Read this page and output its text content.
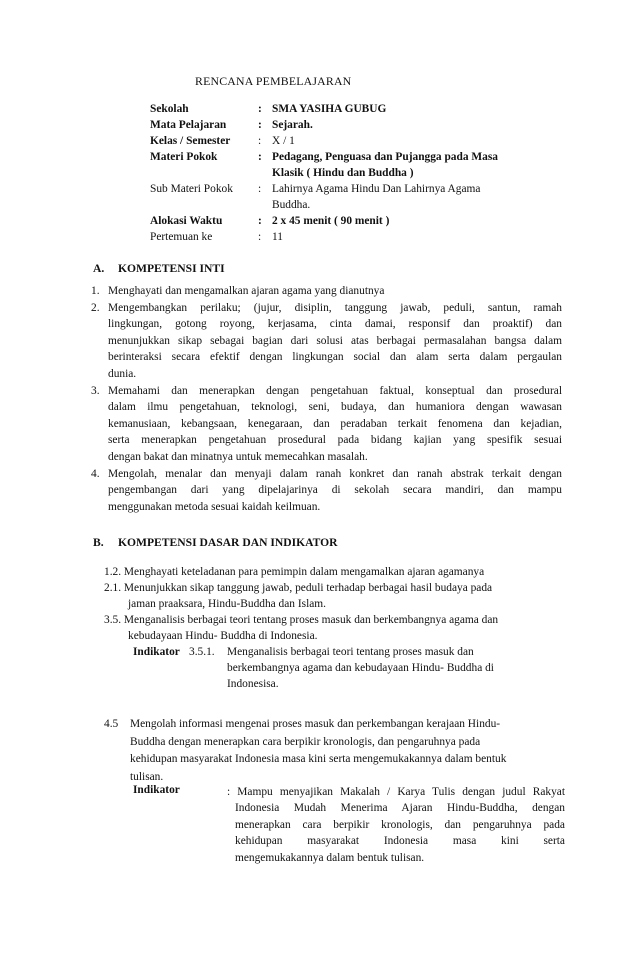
RENCANA PEMBELAJARAN
Sekolah	: SMA YASIHA GUBUG
Mata Pelajaran	: Sejarah.
Kelas / Semester	: X / 1
Materi Pokok	: Pedagang, Penguasa dan Pujangga pada Masa
Klasik ( Hindu dan Buddha )
Sub Materi Pokok	: Lahirnya Agama Hindu Dan Lahirnya Agama
Buddha.
Alokasi Waktu	: 2 x 45 menit ( 90 menit )
Pertemuan ke	: 11
A. KOMPETENSI INTI
1. Menghayati dan mengamalkan ajaran agama yang dianutnya
2. Mengembangkan perilaku; (jujur, disiplin, tanggung jawab, peduli, santun, ramah
lingkungan, gotong royong, kerjasama, cinta damai, responsif dan proaktif) dan
menunjukkan sikap sebagai bagian dari solusi atas berbagai permasalahan bangsa dalam
berinteraksi secara efektif dengan lingkungan social dan alam serta dalam pergaulan
dunia.
3. Memahami dan menerapkan dengan pengetahuan faktual, konseptual dan prosedural
dalam ilmu pengetahuan, teknologi, seni, budaya, dan humaniora dengan wawasan
kemanusiaan, kebangsaan, kenegaraan, dan peradaban terkait fenomena dan kejadian,
serta menerapkan pengetahuan prosedural pada bidang kajian yang spesifik sesuai
dengan bakat dan minatnya untuk memecahkan masalah.
4. Mengolah, menalar dan menyaji dalam ranah konkret dan ranah abstrak terkait dengan
pengembangan dari yang dipelajarinya di sekolah secara mandiri, dan mampu
menggunakan metoda sesuai kaidah keilmuan.
B. KOMPETENSI DASAR DAN INDIKATOR
1.2. Menghayati keteladanan para pemimpin dalam mengamalkan ajaran agamanya
2.1. Menunjukkan sikap tanggung jawab, peduli terhadap berbagai hasil budaya pada
jaman praaksara, Hindu-Buddha dan Islam.
3.5. Menganalisis berbagai teori tentang proses masuk dan berkembangnya agama dan
kebudayaan Hindu- Buddha di Indonesia.
Indikator 3.5.1. Menganalisis berbagai teori tentang proses masuk dan
berkembangnya agama dan kebudayaan Hindu- Buddha di
Indonesisa.
4.5	Mengolah informasi mengenai proses masuk dan perkembangan kerajaan Hindu-
Buddha dengan menerapkan cara berpikir kronologis, dan pengaruhnya pada
kehidupan masyarakat Indonesia masa kini serta mengemukakannya dalam bentuk
tulisan.
Indikator	: Mampu menyajikan Makalah / Karya Tulis dengan judul Rakyat
Indonesia Mudah Menerima Ajaran Hindu-Buddha, dengan
menerapkan cara berpikir kronologis, dan pengaruhnya pada
kehidupan masyarakat Indonesia masa kini serta
mengemukakannya dalam bentuk tulisan.
